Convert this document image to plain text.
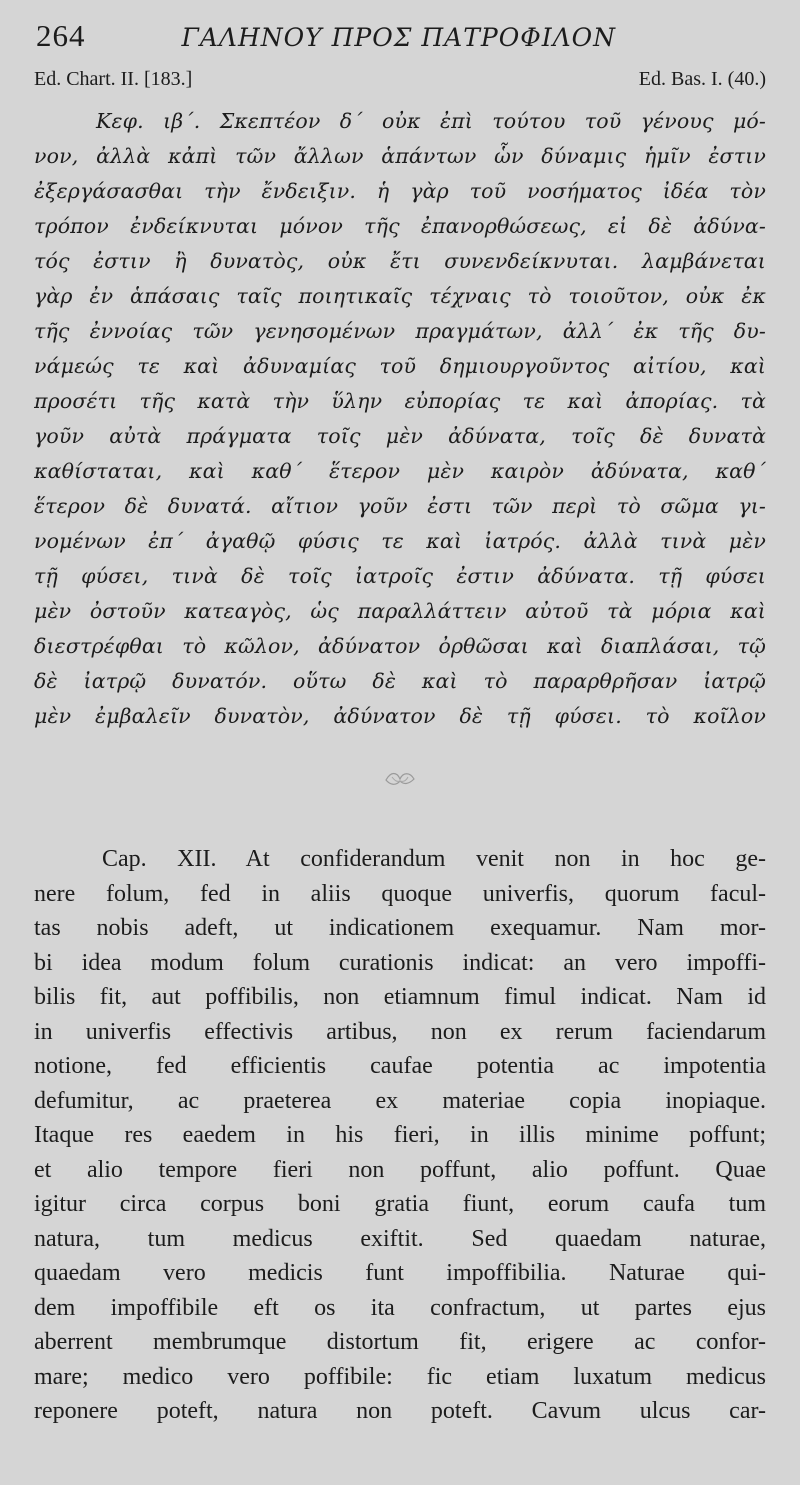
264	ΓΑΛΗΝΟΥ ΠΡΟΣ ΠΑΤΡΟΦΙΛΟΝ
Ed. Chart. II. [183.]	Ed. Bas. I. (40.)
Κεφ. ιβ΄. Σκεπτέον δ΄ οὐκ ἐπὶ τούτου τοῦ γένους μό-
νον, ἀλλὰ κἀπὶ τῶν ἄλλων ἁπάντων ὧν δύναμις ἡμῖν ἐστιν
ἐξεργάσασθαι τὴν ἔνδειξιν. ἡ γὰρ τοῦ νοσήματος ἰδέα τὸν
τρόπον ἐνδείκνυται μόνον τῆς ἐπανορθώσεως, εἰ δὲ ἀδύνα-
τός ἐστιν ἢ δυνατὸς, οὐκ ἔτι συνενδείκνυται. λαμβάνεται
γὰρ ἐν ἁπάσαις ταῖς ποιητικαῖς τέχναις τὸ τοιοῦτον, οὐκ ἐκ
τῆς ἐννοίας τῶν γενησομένων πραγμάτων, ἀλλ΄ ἐκ τῆς δυ-
νάμεώς τε καὶ ἀδυναμίας τοῦ δημιουργοῦντος αἰτίου, καὶ
προσέτι τῆς κατὰ τὴν ὕλην εὐπορίας τε καὶ ἀπορίας. τὰ
γοῦν αὐτὰ πράγματα τοῖς μὲν ἀδύνατα, τοῖς δὲ δυνατὰ
καθίσταται, καὶ καθ΄ ἕτερον μὲν καιρὸν ἀδύνατα, καθ΄
ἕτερον δὲ δυνατά. αἴτιον γοῦν ἐστι τῶν περὶ τὸ σῶμα γι-
νομένων ἐπ΄ ἀγαθῷ φύσις τε καὶ ἰατρός. ἀλλὰ τινὰ μὲν
τῇ φύσει, τινὰ δὲ τοῖς ἰατροῖς ἐστιν ἀδύνατα. τῇ φύσει
μὲν ὀστοῦν κατεαγὸς, ὡς παραλλάττειν αὐτοῦ τὰ μόρια καὶ
διεστρέφθαι τὸ κῶλον, ἀδύνατον ὀρθῶσαι καὶ διαπλάσαι, τῷ
δὲ ἰατρῷ δυνατόν. οὕτω δὲ καὶ τὸ παραρθρῆσαν ἰατρῷ
μὲν ἐμβαλεῖν δυνατὸν, ἀδύνατον δὲ τῇ φύσει. τὸ κοῖλον
Cap. XII. At confiderandum venit non in hoc ge-
nere folum, fed in aliis quoque univerfis, quorum facul-
tas nobis adeft, ut indicationem exequamur. Nam mor-
bi idea modum folum curationis indicat: an vero impoffi-
bilis fit, aut poffibilis, non etiamnum fimul indicat. Nam id
in univerfis effectivis artibus, non ex rerum faciendarum
notione, fed efficientis caufae potentia ac impotentia
defumitur, ac praeterea ex materiae copia inopiaque.
Itaque res eaedem in his fieri, in illis minime poffunt;
et alio tempore fieri non poffunt, alio poffunt. Quae
igitur circa corpus boni gratia fiunt, eorum caufa tum
natura, tum medicus exiftit. Sed quaedam naturae,
quaedam vero medicis funt impoffibilia. Naturae qui-
dem impoffibile eft os ita confractum, ut partes ejus
aberrent membrumque distortum fit, erigere ac confor-
mare; medico vero poffibile: fic etiam luxatum medicus
reponere poteft, natura non poteft. Cavum ulcus car-
